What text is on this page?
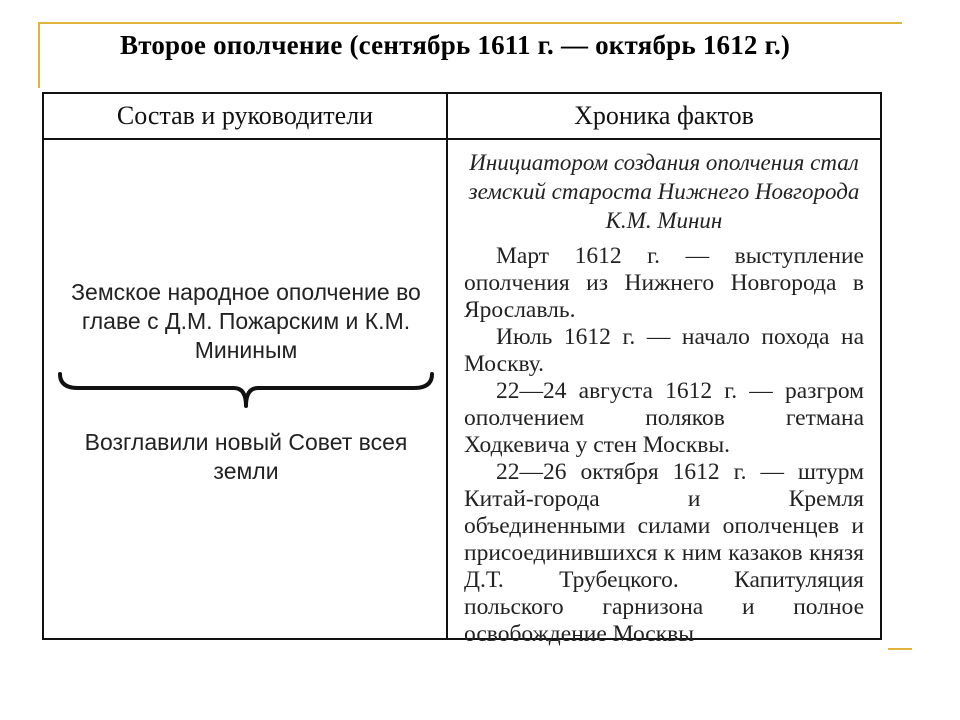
Второе ополчение (сентябрь 1611 г. — октябрь 1612 г.)
Состав и руководители	Хроника фактов
Земское народное ополчение во главе с Д.М. Пожарским и К.М. Мининым
Возглавили новый Совет всея земли
Инициатором создания ополчения стал земский староста Нижнего Новгорода К.М. Минин

Март 1612 г. — выступление ополчения из Нижнего Новгорода в Ярославль.

Июль 1612 г. — начало похода на Москву.

22—24 августа 1612 г. — разгром ополчением поляков гетмана Ходкевича у стен Москвы.

22—26 октября 1612 г. — штурм Китай-города и Кремля объединенными силами ополченцев и присоединившихся к ним казаков князя Д.Т. Трубецкого. Капитуляция польского гарнизона и полное освобождение Москвы
